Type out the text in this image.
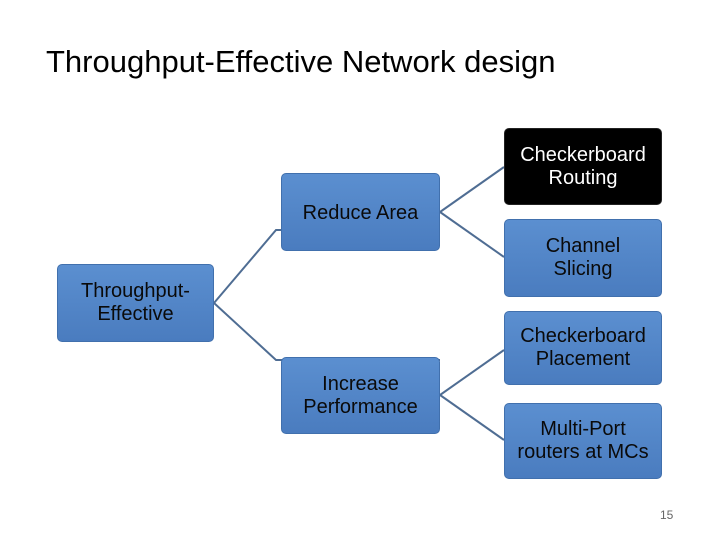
Throughput-Effective Network design
Throughput-
Effective
Reduce Area
Increase
Performance
Checkerboard
Routing
Channel
Slicing
Checkerboard
Placement
Multi-Port
routers at MCs
15
